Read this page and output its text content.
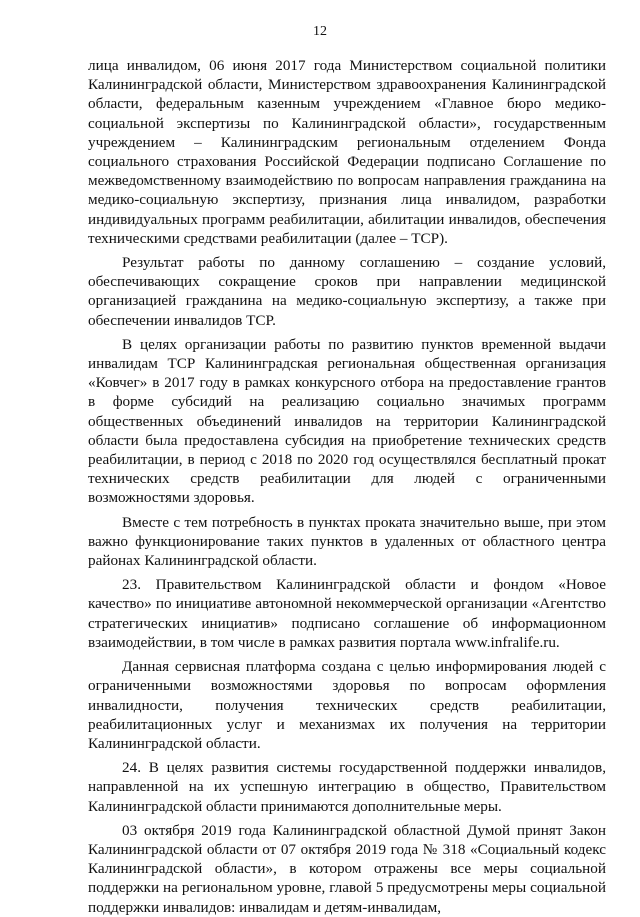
12

лица инвалидом, 06 июня 2017 года Министерством социальной политики Калининградской области, Министерством здравоохранения Калининградской области, федеральным казенным учреждением «Главное бюро медико-социальной экспертизы по Калининградской области», государственным учреждением – Калининградским региональным отделением Фонда социального страхования Российской Федерации подписано Соглашение по межведомственному взаимодействию по вопросам направления гражданина на медико-социальную экспертизу, признания лица инвалидом, разработки индивидуальных программ реабилитации, абилитации инвалидов, обеспечения техническими средствами реабилитации (далее – ТСР).

Результат работы по данному соглашению – создание условий, обеспечивающих сокращение сроков при направлении медицинской организацией гражданина на медико-социальную экспертизу, а также при обеспечении инвалидов ТСР.

В целях организации работы по развитию пунктов временной выдачи инвалидам ТСР Калининградская региональная общественная организация «Ковчег» в 2017 году в рамках конкурсного отбора на предоставление грантов в форме субсидий на реализацию социально значимых программ общественных объединений инвалидов на территории Калининградской области была предоставлена субсидия на приобретение технических средств реабилитации, в период с 2018 по 2020 год осуществлялся бесплатный прокат технических средств реабилитации для людей с ограниченными возможностями здоровья.

Вместе с тем потребность в пунктах проката значительно выше, при этом важно функционирование таких пунктов в удаленных от областного центра районах Калининградской области.

23. Правительством Калининградской области и фондом «Новое качество» по инициативе автономной некоммерческой организации «Агентство стратегических инициатив» подписано соглашение об информационном взаимодействии, в том числе в рамках развития портала www.infralife.ru.

Данная сервисная платформа создана с целью информирования людей с ограниченными возможностями здоровья по вопросам оформления инвалидности, получения технических средств реабилитации, реабилитационных услуг и механизмах их получения на территории Калининградской области.

24. В целях развития системы государственной поддержки инвалидов, направленной на их успешную интеграцию в общество, Правительством Калининградской области принимаются дополнительные меры.

03 октября 2019 года Калининградской областной Думой принят Закон Калининградской области от 07 октября 2019 года № 318 «Социальный кодекс Калининградской области», в котором отражены все меры социальной поддержки на региональном уровне, главой 5 предусмотрены меры социальной поддержки инвалидов: инвалидам и детям-инвалидам,
